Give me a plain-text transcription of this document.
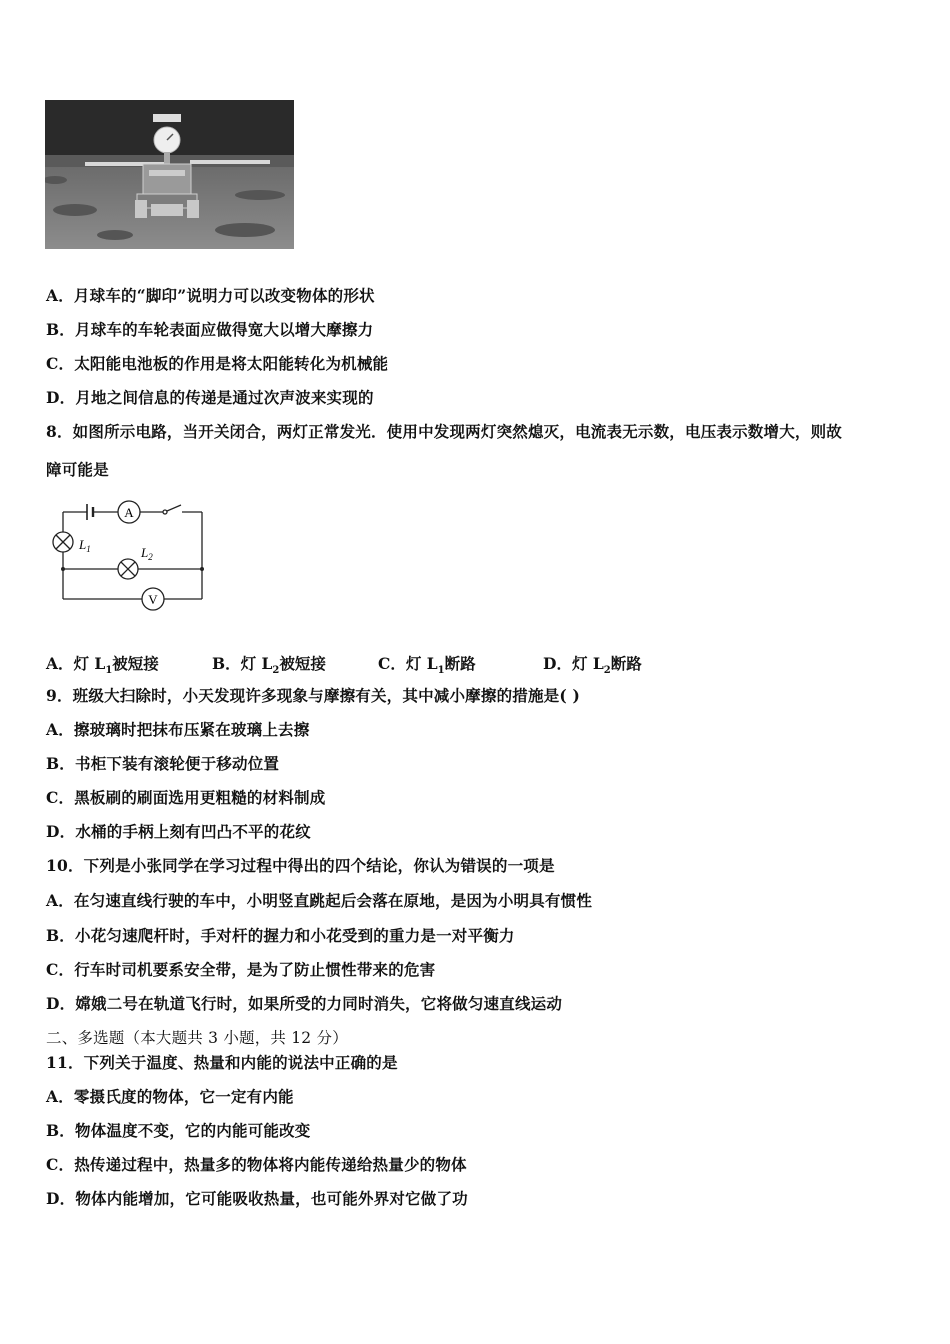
A．月球车的“脚印”说明力可以改变物体的形状
B．月球车的车轮表面应做得宽大以增大摩擦力
C．太阳能电池板的作用是将太阳能转化为机械能
D．月地之间信息的传递是通过次声波来实现的
8．如图所示电路，当开关闭合，两灯正常发光．使用中发现两灯突然熄灭，电流表无示数，电压表示数增大，则故
障可能是
A
V
$L_1$	$L_2$
A．灯 $L_1$被短接	B．灯 $L_2$被短接	C．灯 $L_1$断路	D．灯 $L_2$断路
9．班级大扫除时，小天发现许多现象与摩擦有关，其中减小摩擦的措施是( )
A．擦玻璃时把抹布压紧在玻璃上去擦
B．书柜下装有滚轮便于移动位置
C．黑板刷的刷面选用更粗糙的材料制成
D．水桶的手柄上刻有凹凸不平的花纹
10．下列是小张同学在学习过程中得出的四个结论，你认为错误的一项是
A．在匀速直线行驶的车中，小明竖直跳起后会落在原地，是因为小明具有惯性
B．小花匀速爬杆时，手对杆的握力和小花受到的重力是一对平衡力
C．行车时司机要系安全带，是为了防止惯性带来的危害
D．嫦娥二号在轨道飞行时，如果所受的力同时消失，它将做匀速直线运动
二、多选题（本大题共 3 小题，共 12 分）
11．下列关于温度、热量和内能的说法中正确的是
A．零摄氏度的物体，它一定有内能
B．物体温度不变，它的内能可能改变
C．热传递过程中，热量多的物体将内能传递给热量少的物体
D．物体内能增加，它可能吸收热量，也可能外界对它做了功
